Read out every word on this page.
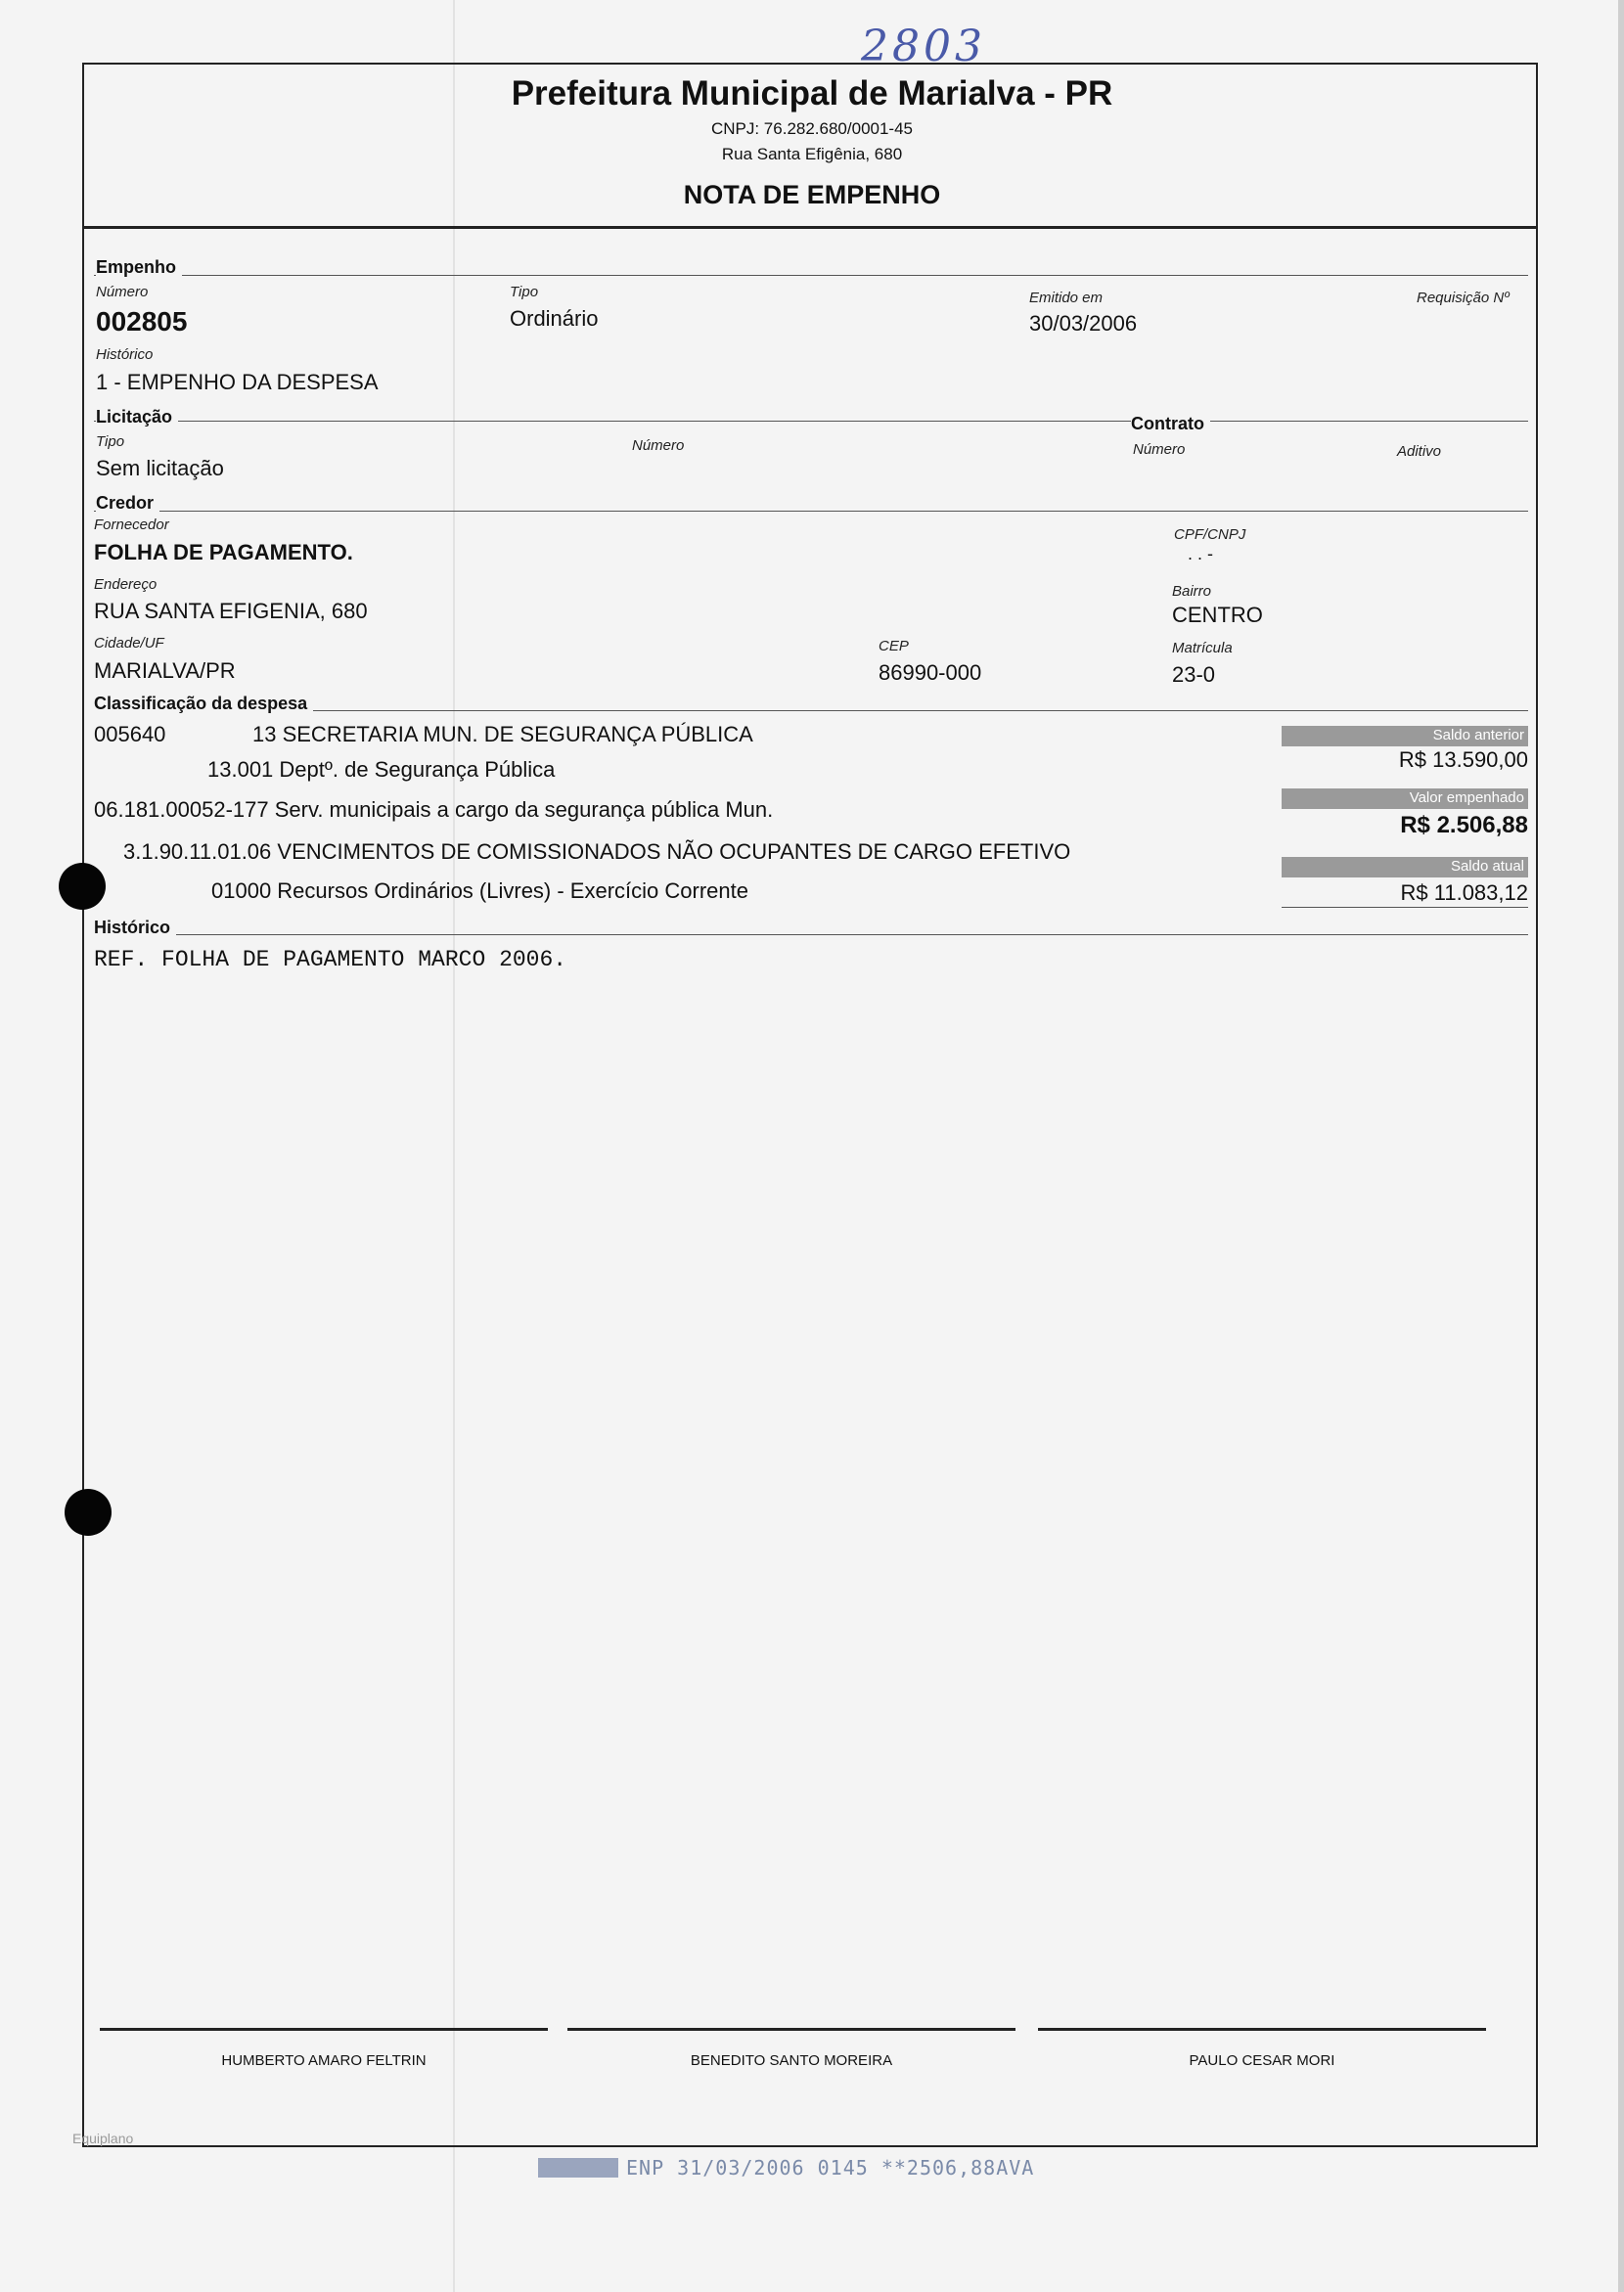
2803
Prefeitura Municipal de Marialva - PR
CNPJ: 76.282.680/0001-45
Rua Santa Efigênia, 680
NOTA DE EMPENHO
Empenho
Número
002805
Tipo
Ordinário
Emitido em
30/03/2006
Requisição Nº
Histórico
1 - EMPENHO DA DESPESA
Licitação	Contrato
Tipo
Sem licitação
Número	Número	Aditivo
Credor
Fornecedor
FOLHA DE PAGAMENTO.
CPF/CNPJ
. . -
Endereço
RUA SANTA EFIGENIA, 680
Bairro
CENTRO
Cidade/UF
MARIALVA/PR
CEP
86990-000
Matrícula
23-0
Classificação da despesa
005640	13 SECRETARIA MUN. DE SEGURANÇA PÚBLICA
13.001 Deptº. de Segurança Pública
06.181.00052-177 Serv. municipais a cargo da segurança pública Mun.
3.1.90.11.01.06 VENCIMENTOS DE COMISSIONADOS NÃO OCUPANTES DE CARGO EFETIVO
01000 Recursos Ordinários (Livres) - Exercício Corrente
Saldo anterior
R$ 13.590,00
Valor empenhado
R$ 2.506,88
Saldo atual
R$ 11.083,12
Histórico
REF. FOLHA DE PAGAMENTO MARCO 2006.
HUMBERTO AMARO FELTRIN	BENEDITO SANTO MOREIRA	PAULO CESAR MORI
Equiplano
ENP 31/03/2006 0145 **2506,88AVA
